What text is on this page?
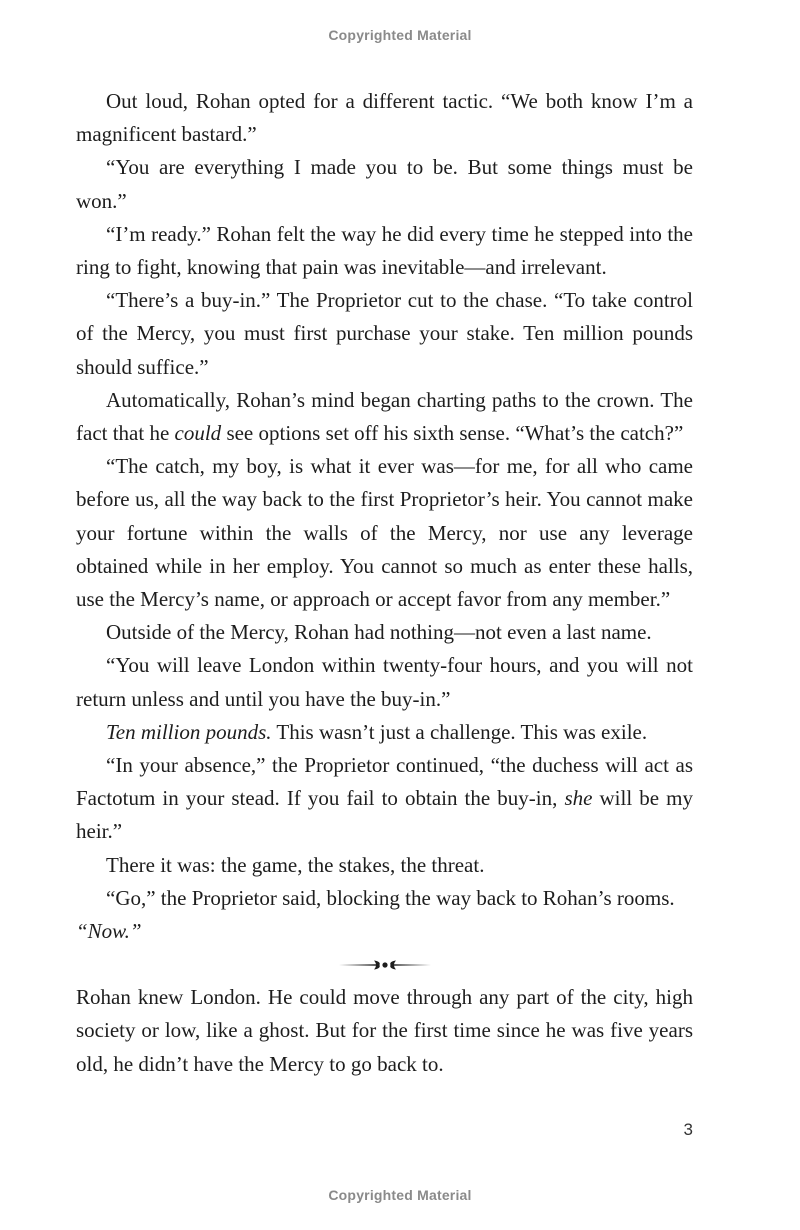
Copyrighted Material

Out loud, Rohan opted for a different tactic. “We both know I’m a magnificent bastard.”

“You are everything I made you to be. But some things must be won.”

“I’m ready.” Rohan felt the way he did every time he stepped into the ring to fight, knowing that pain was inevitable—and irrelevant.

“There’s a buy-in.” The Proprietor cut to the chase. “To take control of the Mercy, you must first purchase your stake. Ten million pounds should suffice.”

Automatically, Rohan’s mind began charting paths to the crown. The fact that he could see options set off his sixth sense. “What’s the catch?”

“The catch, my boy, is what it ever was—for me, for all who came before us, all the way back to the first Proprietor’s heir. You cannot make your fortune within the walls of the Mercy, nor use any leverage obtained while in her employ. You cannot so much as enter these halls, use the Mercy’s name, or approach or accept favor from any member.”

Outside of the Mercy, Rohan had nothing—not even a last name.

“You will leave London within twenty-four hours, and you will not return unless and until you have the buy-in.”

Ten million pounds. This wasn’t just a challenge. This was exile.

“In your absence,” the Proprietor continued, “the duchess will act as Factotum in your stead. If you fail to obtain the buy-in, she will be my heir.”

There it was: the game, the stakes, the threat.

“Go,” the Proprietor said, blocking the way back to Rohan’s rooms.

“Now.”

Rohan knew London. He could move through any part of the city, high society or low, like a ghost. But for the first time since he was five years old, he didn’t have the Mercy to go back to.

3
Copyrighted Material
